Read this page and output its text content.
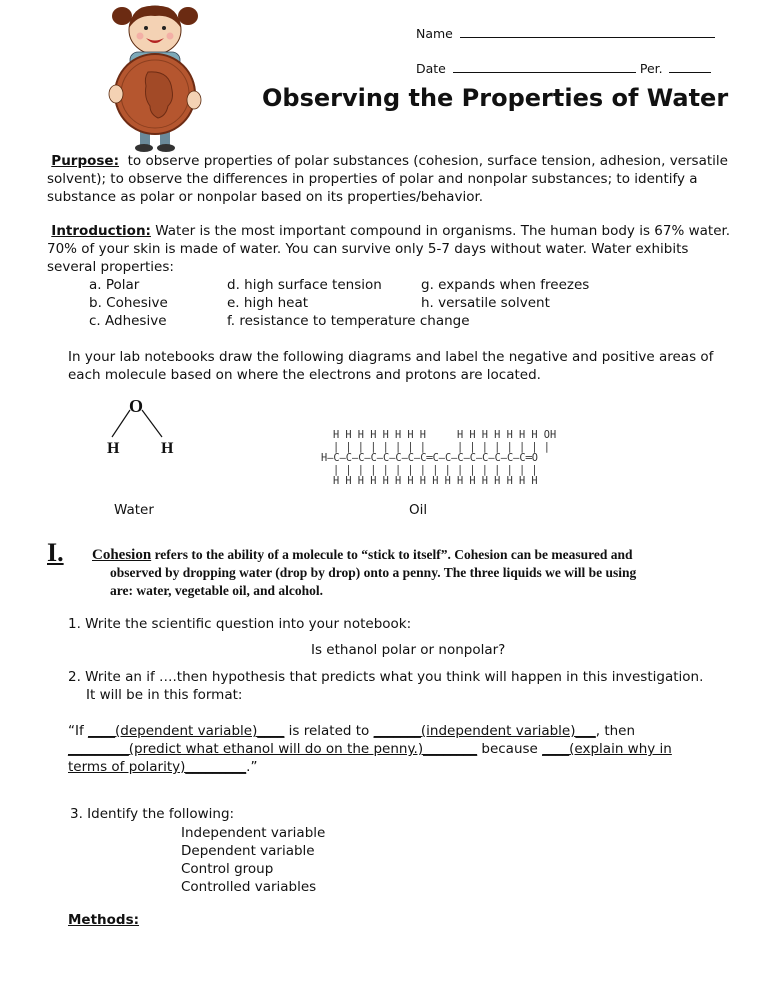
Name
Date	Per.
Observing the Properties of Water
Purpose: to observe properties of polar substances (cohesion, surface tension, adhesion, versatile
solvent); to observe the differences in properties of polar and nonpolar substances; to identify a
substance as polar or nonpolar based on its properties/behavior.
Introduction: Water is the most important compound in organisms. The human body is 67% water.
70% of your skin is made of water. You can survive only 5-7 days without water. Water exhibits
several properties:
a. Polar
b. Cohesive
c. Adhesive
d. high surface tension
e. high heat
f. resistance to temperature change
g. expands when freezes
h. versatile solvent
In your lab notebooks draw the following diagrams and label the negative and positive areas of
each molecule based on where the electrons and protons are located.
O
H	H
Water

H H H H H H H H     H H H H H H H OH
| | | | | | | |     | | | | | | | |
H—C—C—C—C—C—C—C—C═C—C—C—C—C—C—C—C═O
| | | | | | | | | | | | | | | | |
H H H H H H H H H H H H H H H H H

Oil
I. Cohesion refers to the ability of a molecule to “stick to itself”. Cohesion can be measured and
observed by dropping water (drop by drop) onto a penny. The three liquids we will be using
are: water, vegetable oil, and alcohol.
1. Write the scientific question into your notebook:
Is ethanol polar or nonpolar?
2. Write an if ….then hypothesis that predicts what you think will happen in this investigation.
It will be in this format:
“If ____(dependent variable)____ is related to _______(independent variable)___, then
_________(predict what ethanol will do on the penny.)________ because ____(explain why in
terms of polarity)_________.”
3. Identify the following:
Independent variable
Dependent variable
Control group
Controlled variables
Methods:
